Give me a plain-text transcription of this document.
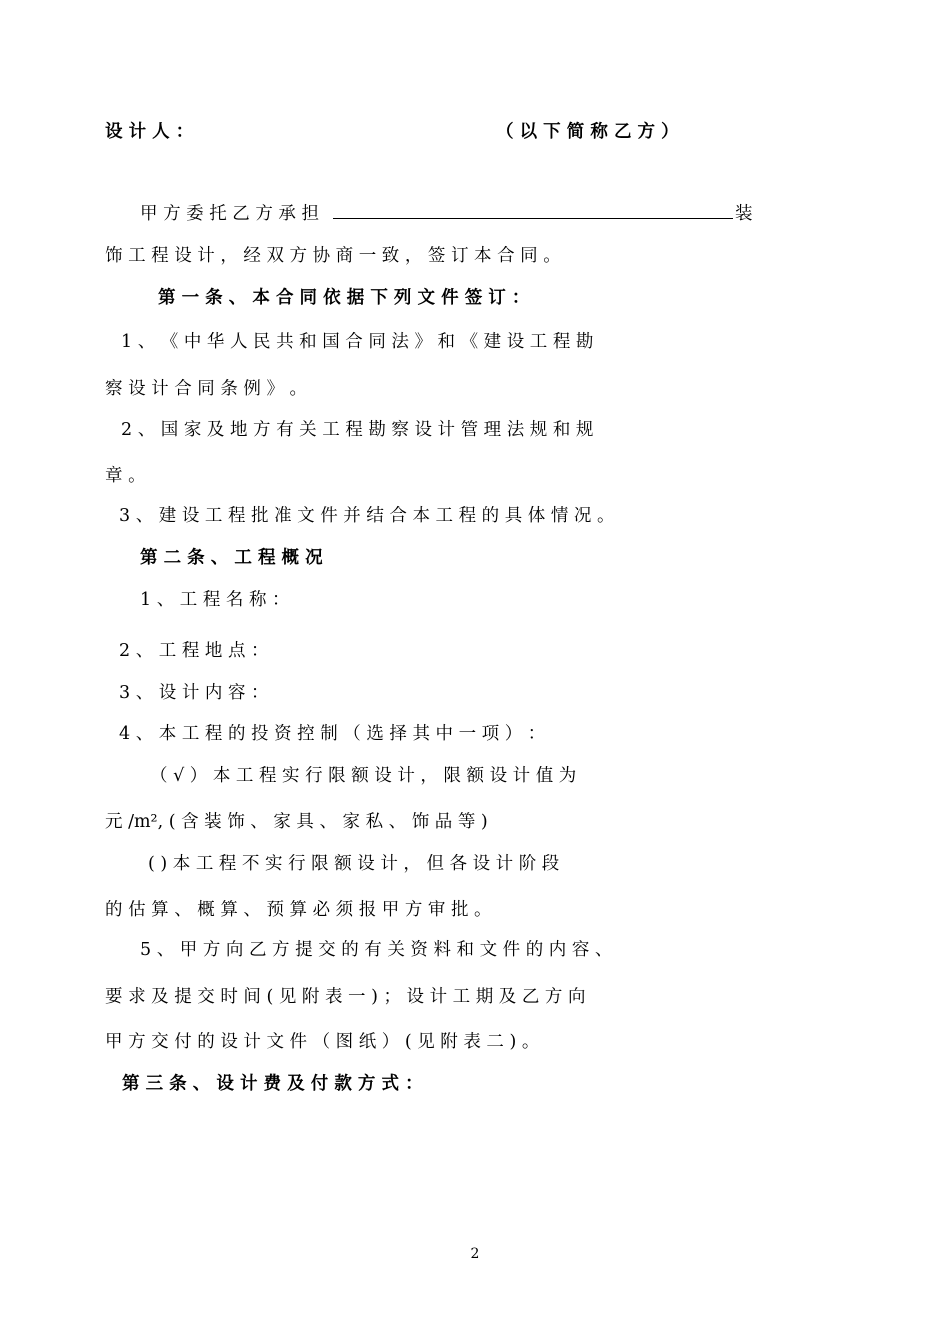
设 计 人 ：	（ 以 下 简 称 乙 方 ）
甲 方 委 托 乙 方 承 担	装
饰 工 程 设 计 ， 经 双 方 协 商 一 致 ， 签 订 本 合 同 。
第 一 条 、 本 合 同 依 据 下 列 文 件 签 订 ：
1 、 《 中 华 人 民 共 和 国 合 同 法 》 和 《 建 设 工 程 勘
察 设 计 合 同 条 例 》 。
2 、 国 家 及 地 方 有 关 工 程 勘 察 设 计 管 理 法 规 和 规
章 。
3 、 建 设 工 程 批 准 文 件 并 结 合 本 工 程 的 具 体 情 况 。
第 二 条 、 工 程 概 况
1 、 工 程 名 称 ：
2 、 工 程 地 点 ：
3 、 设 计 内 容 ：
4 、 本 工 程 的 投 资 控 制 （ 选 择 其 中 一 项 ） ：
（ √ ） 本 工 程 实 行 限 额 设 计 ， 限 额 设 计 值 为
元 /m², ( 含 装 饰 、 家 具 、 家 私 、 饰 品 等 )
( ) 本 工 程 不 实 行 限 额 设 计 ， 但 各 设 计 阶 段
的 估 算 、 概 算 、 预 算 必 须 报 甲 方 审 批 。
5 、 甲 方 向 乙 方 提 交 的 有 关 资 料 和 文 件 的 内 容 、
要 求 及 提 交 时 间 ( 见 附 表 一 ) ； 设 计 工 期 及 乙 方 向
甲 方 交 付 的 设 计 文 件 （ 图 纸 ） ( 见 附 表 二 ) 。
第 三 条 、 设 计 费 及 付 款 方 式 ：
2
